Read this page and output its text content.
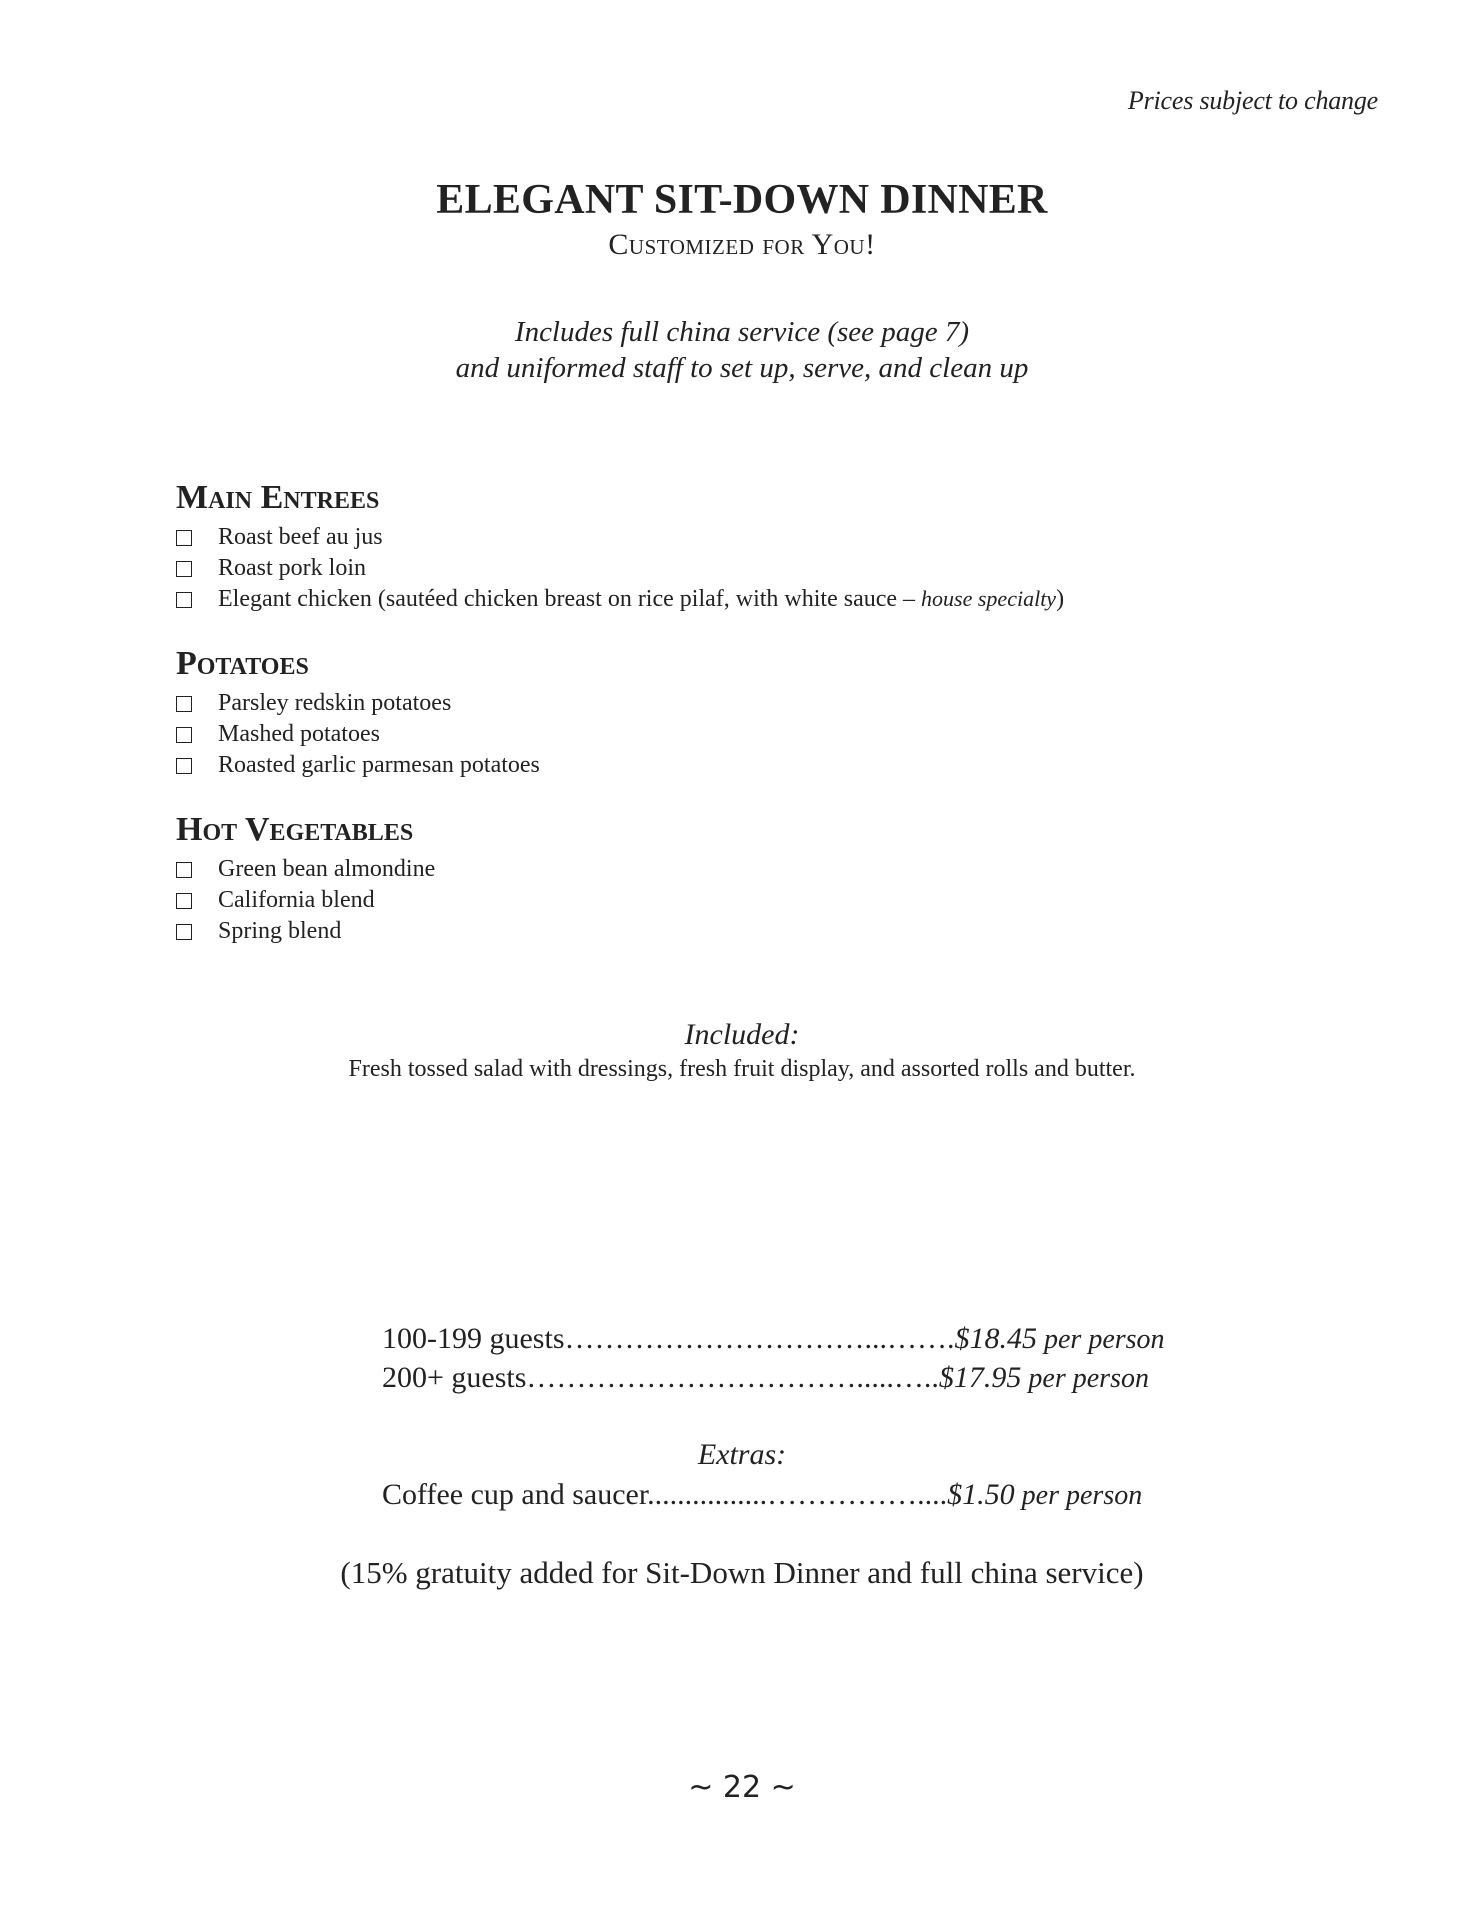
Prices subject to change
ELEGANT SIT-DOWN DINNER
Customized for You!
Includes full china service (see page 7)
and uniformed staff to set up, serve, and clean up
Main Entrees
Roast beef au jus
Roast pork loin
Elegant chicken (sautéed chicken breast on rice pilaf, with white sauce – house specialty)
Potatoes
Parsley redskin potatoes
Mashed potatoes
Roasted garlic parmesan potatoes
Hot Vegetables
Green bean almondine
California blend
Spring blend
Included:
Fresh tossed salad with dressings, fresh fruit display, and assorted rolls and butter.
100-199 guests…………………………...…….$18.45 per person
200+ guests…………………………….....…..$17.95 per person
Extras:
Coffee cup and saucer................……………....$1.50 per person
(15% gratuity added for Sit-Down Dinner and full china service)
~ 22 ~
